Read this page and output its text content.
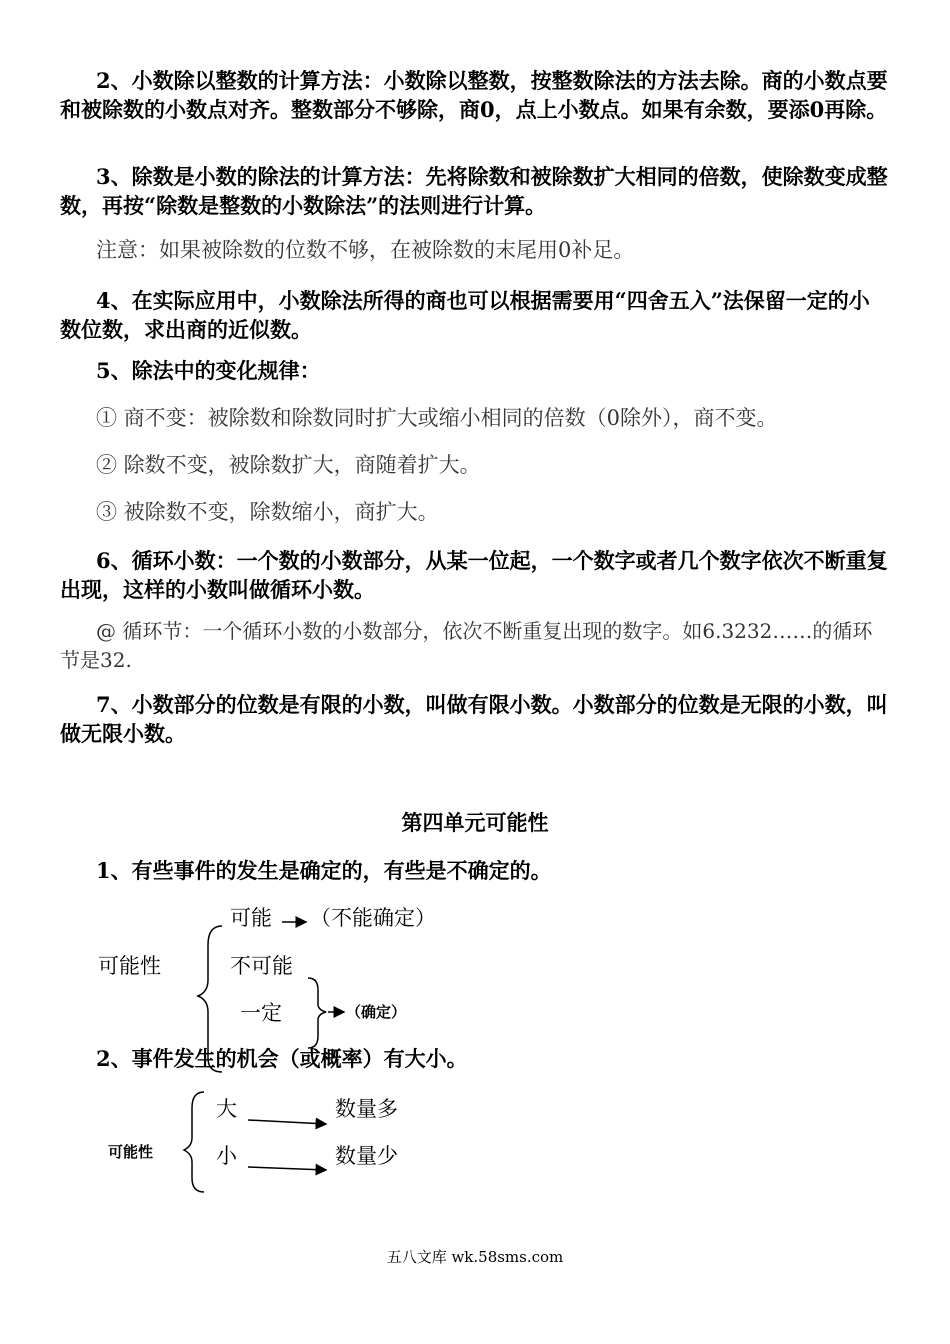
2、小数除以整数的计算方法：小数除以整数，按整数除法的方法去除。商的小数点要和被除数的小数点对齐。整数部分不够除，商0，点上小数点。如果有余数，要添0再除。
3、除数是小数的除法的计算方法：先将除数和被除数扩大相同的倍数，使除数变成整数，再按“除数是整数的小数除法”的法则进行计算。
注意：如果被除数的位数不够，在被除数的末尾用0补足。
4、在实际应用中，小数除法所得的商也可以根据需要用“四舍五入”法保留一定的小数位数，求出商的近似数。
5、除法中的变化规律：
① 商不变：被除数和除数同时扩大或缩小相同的倍数（0除外），商不变。
② 除数不变，被除数扩大，商随着扩大。
③ 被除数不变，除数缩小，商扩大。
6、循环小数：一个数的小数部分，从某一位起，一个数字或者几个数字依次不断重复出现，这样的小数叫做循环小数。
@ 循环节：一个循环小数的小数部分，依次不断重复出现的数字。如6.3232……的循环节是32.
7、小数部分的位数是有限的小数，叫做有限小数。小数部分的位数是无限的小数，叫做无限小数。
第四单元可能性
1、有些事件的发生是确定的，有些是不确定的。
可能性
可能 （不能确定）
不可能
一定	（确定）
2、事件发生的机会（或概率）有大小。
可能性
大
小
数量多
数量少
五八文库 wk.58sms.com
